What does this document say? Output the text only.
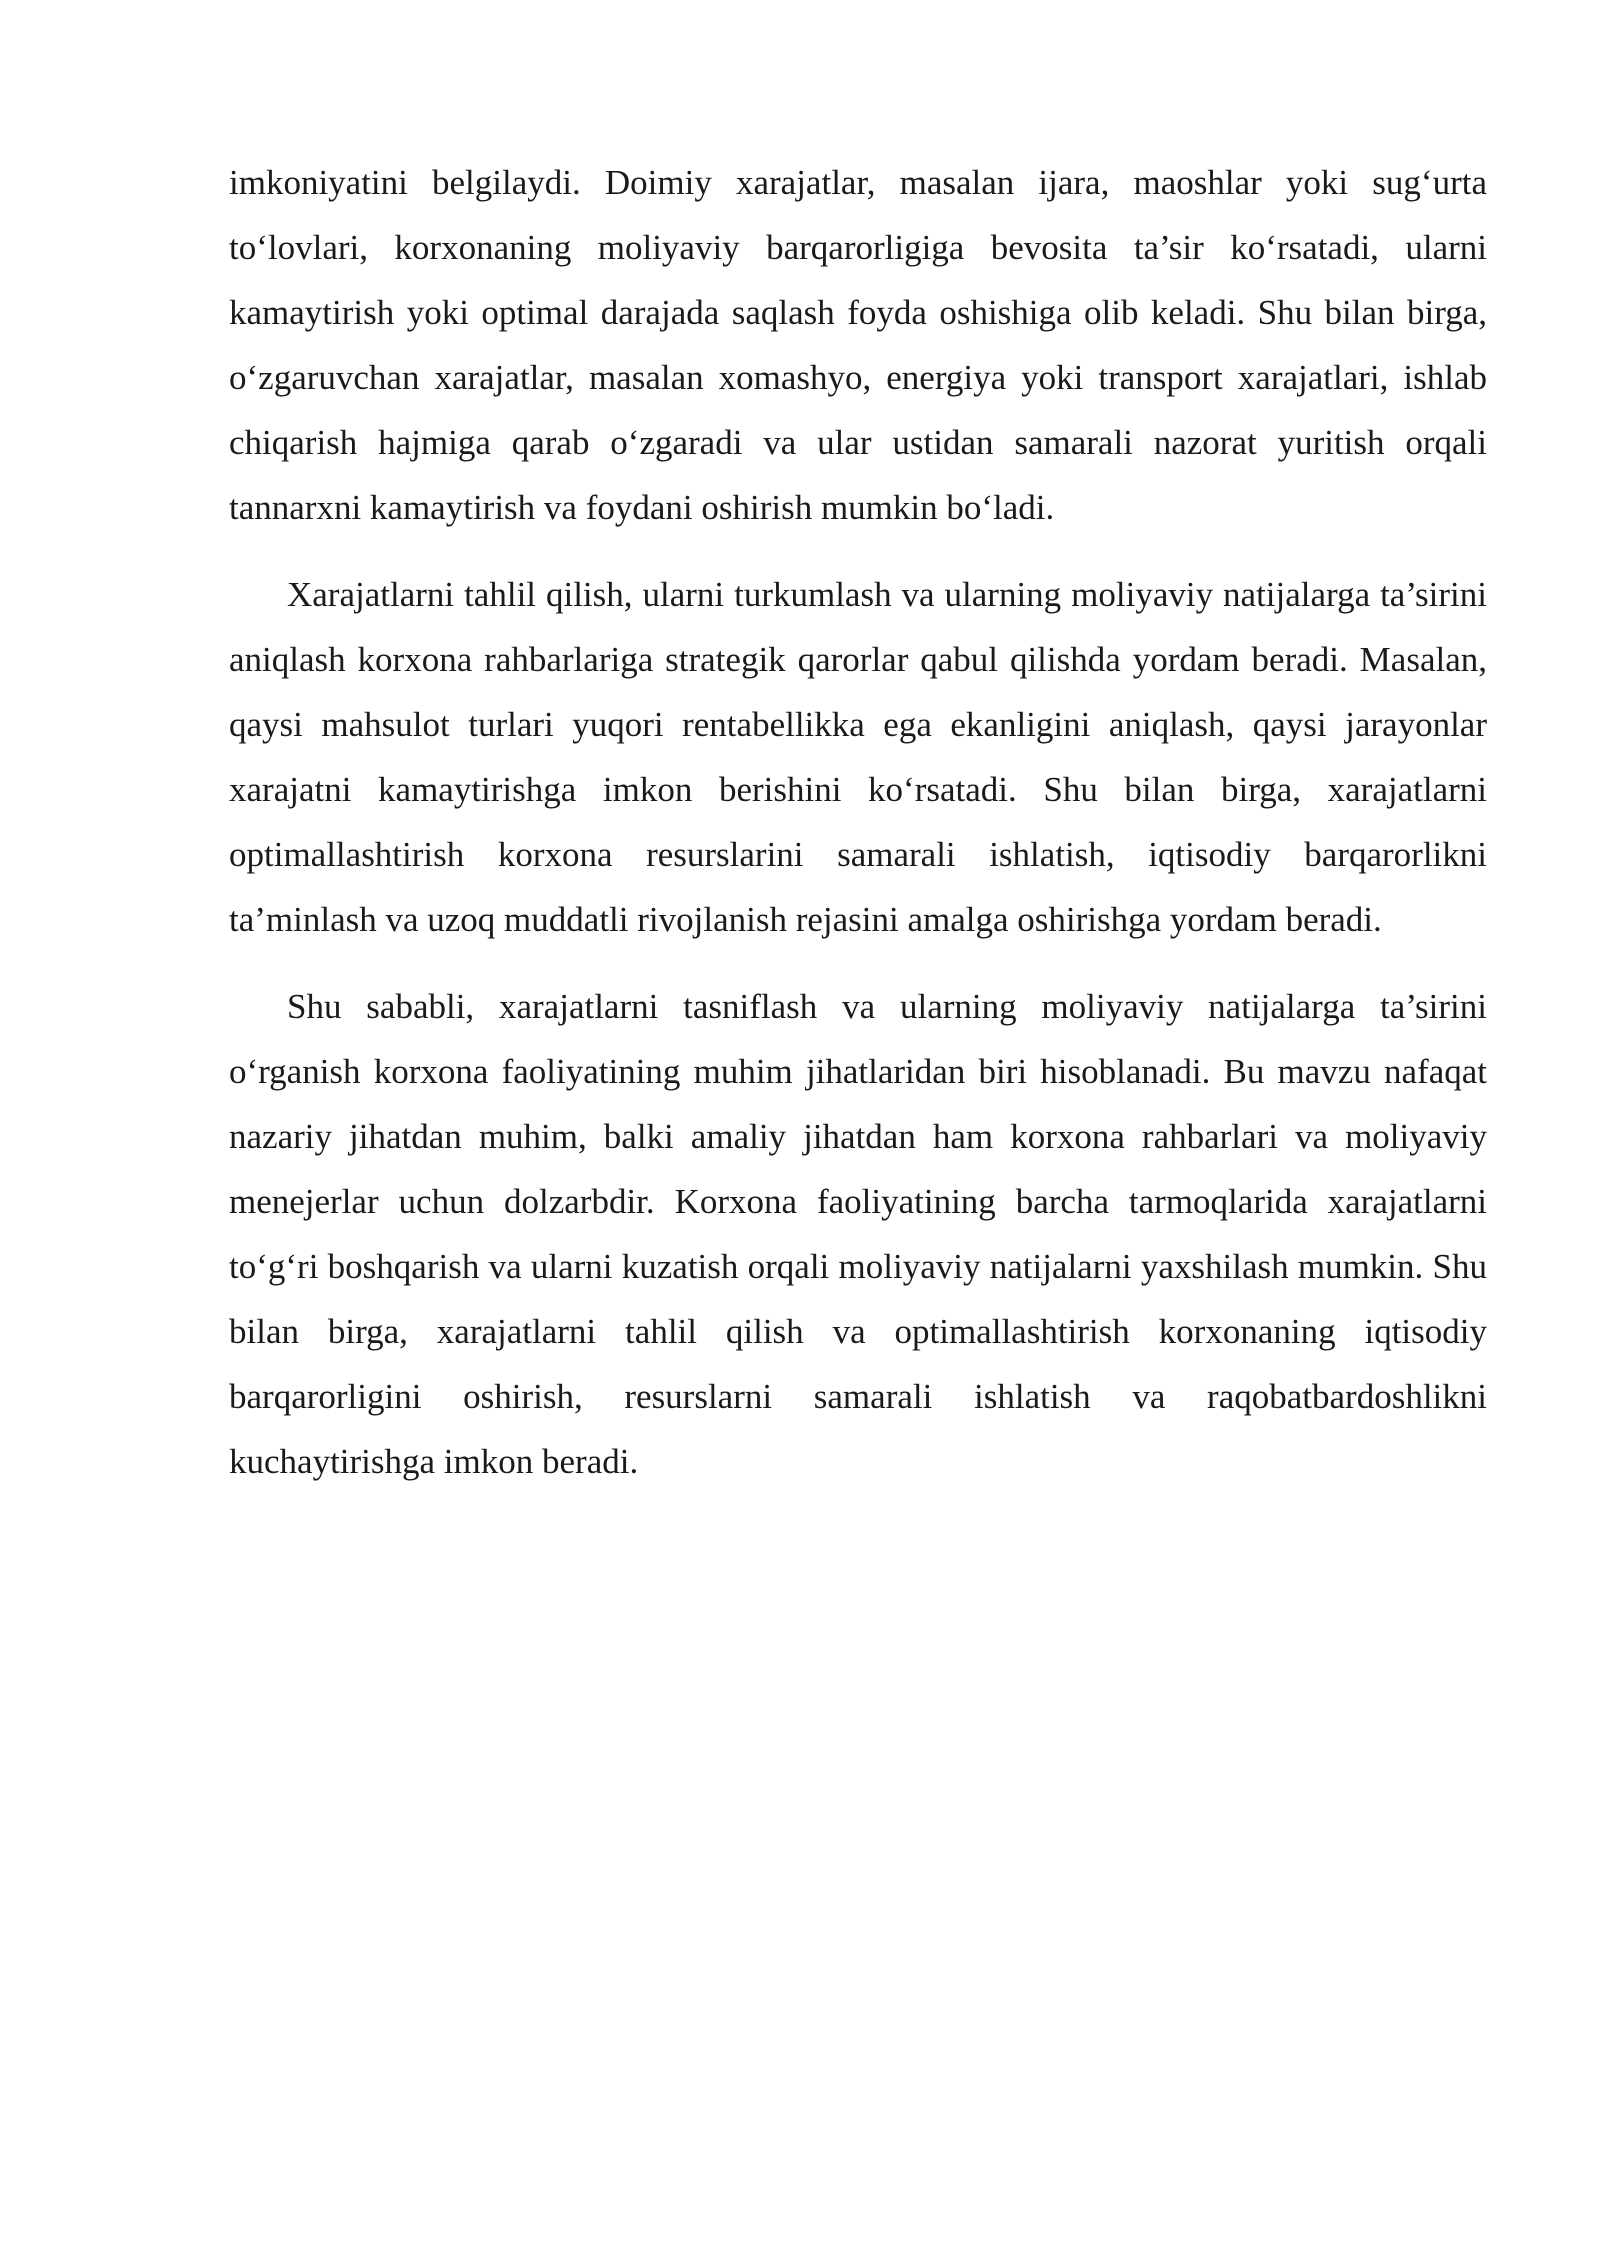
imkoniyatini belgilaydi. Doimiy xarajatlar, masalan ijara, maoshlar yoki sug‘urta to‘lovlari, korxonaning moliyaviy barqarorligiga bevosita ta’sir ko‘rsatadi, ularni kamaytirish yoki optimal darajada saqlash foyda oshishiga olib keladi. Shu bilan birga, o‘zgaruvchan xarajatlar, masalan xomashyo, energiya yoki transport xarajatlari, ishlab chiqarish hajmiga qarab o‘zgaradi va ular ustidan samarali nazorat yuritish orqali tannarxni kamaytirish va foydani oshirish mumkin bo‘ladi.

Xarajatlarni tahlil qilish, ularni turkumlash va ularning moliyaviy natijalarga ta’sirini aniqlash korxona rahbarlariga strategik qarorlar qabul qilishda yordam beradi. Masalan, qaysi mahsulot turlari yuqori rentabellikka ega ekanligini aniqlash, qaysi jarayonlar xarajatni kamaytirishga imkon berishini ko‘rsatadi. Shu bilan birga, xarajatlarni optimallashtirish korxona resurslarini samarali ishlatish, iqtisodiy barqarorlikni ta’minlash va uzoq muddatli rivojlanish rejasini amalga oshirishga yordam beradi.

Shu sababli, xarajatlarni tasniflash va ularning moliyaviy natijalarga ta’sirini o‘rganish korxona faoliyatining muhim jihatlaridan biri hisoblanadi. Bu mavzu nafaqat nazariy jihatdan muhim, balki amaliy jihatdan ham korxona rahbarlari va moliyaviy menejerlar uchun dolzarbdir. Korxona faoliyatining barcha tarmoqlarida xarajatlarni to‘g‘ri boshqarish va ularni kuzatish orqali moliyaviy natijalarni yaxshilash mumkin. Shu bilan birga, xarajatlarni tahlil qilish va optimallashtirish korxonaning iqtisodiy barqarorligini oshirish, resurslarni samarali ishlatish va raqobatbardoshlikni kuchaytirishga imkon beradi.
